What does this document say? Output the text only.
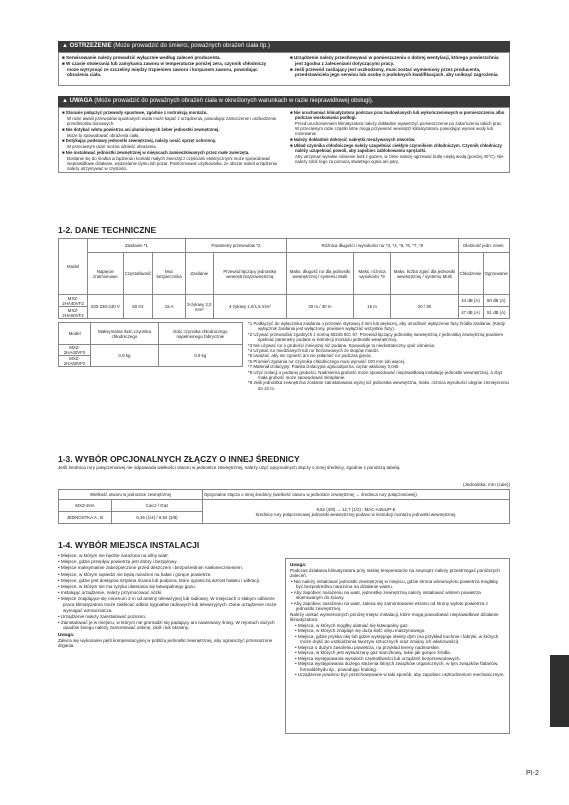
▲ OSTRZEŻENIE (Może prowadzić do śmierci, poważnych obrażeń ciała itp.)

■ Serwisowanie należy prowadzić wyłącznie według zaleceń producenta.

■ W czasie otwierania lub zamykania zaworu w temperaturze poniżej zera, czynnik chłodniczy może wytrysnąć ze szczeliny między trzpieniem zaworu i korpusem zaworu, powodując obrażenia ciała.

■ Urządzenie należy przechowywać w pomieszczeniu o dobrej wentylacji, którego powierzchnia jest zgodna z zaleceniami dotyczącymi pracy.

■ Jeśli przewód zasilający jest uszkodzony, musi zostać wymieniony przez producenta, przedstawiciela jego serwisu lub osobę o podobnych kwalifikacjach, aby uniknąć zagrożenia.

▲ UWAGA (Może prowadzić do poważnych obrażeń ciała w określonych warunkach w razie nieprawidłowej obsługi).

■ Staranie połączyć przewody spustowe, zgodnie z instrukcją montażu.

W razie awarii przewodów spustowych woda może kapać z urządzenia, powodując zamoczenie i uszkodzenie przedmiotów domowych.

■ Nie dotykać wlotu powietrza ani aluminiowych żeber jednostki zewnętrznej.

Może to spowodować obrażenia ciała.

■ Dotykając podstawy jednostki zewnętrznej, należy nosić sprzęt ochronny.

W przeciwnym razie można odnieść obrażenia.

■ Nie instalować jednostki zewnętrznej w miejscach zamieszkiwanych przez małe zwierzęta.

Dostanie się do środka urządzenia i kontakt małych zwierząt z częściami elektrycznymi może spowodować nieprawidłowe działanie, wydzielanie dymu lub pożar. Poinformować użytkownika, że obszar wokół urządzenia należy utrzymywać w czystości.

■ Nie uruchamiać klimatyzatora podczas prac budowlanych lub wykończeniowych w pomieszczeniu albo podczas woskowania podłogi.

Przed uruchomieniem klimatyzatora należy dokładnie wywietrzyć pomieszczenie po zakończeniu takich prac. W przeciwnym razie cząstki lotne mogą przywierać wewnątrz klimatyzatora, powodując wyciek wody lub rozerwanie.

■ Należy dokładnie dokręcić nakrętki nieużywanych otworów.

■ Układ czynnika chłodniczego należy uzupełniać ciekłym czynnikiem chłodniczym. Czynnik chłodniczy należy uzupełniać powoli, aby zapobiec zablokowaniu sprężarki.

Aby utrzymać wysokie ciśnienie butli z gazem, w zimie należy ogrzewać butlę ciepłą wodą (poniżej 40°C). Nie należy robić tego za pomocą otwartego ognia ani pary.

1-2. DANE TECHNICZNE
Model	Zasilanie *1			Parametry przewodów *2		Różnica długości i wysokości rur *3, *4, *5, *6, *7, *8			Głośność jedn. zewn.	
	Napięcie znamionowe	Częstotliwość	Moc bezpiecznika	Zasilanie	Przewód łączący jednostkę wewnętrzną/zewnętrzną	Maks. długość rur dla jednostki wewnętrznej / systemu Multi	Maks. różnica wysokości *9	Maks. liczba zgięć dla jednostki wewnętrznej / systemu Multi	Chłodzenie	Ogrzewanie
MXZ-2HA40VF2	220-230-240 V	50 Hz	15 A	3-żyłowy 2,0 mm²	4-żyłowy 1,0/1,5 mm²	20 m / 30 m	15 m	20 / 30	44 dB (A)	50 dB (A)
MXZ-2HA50VF2									47 dB (A)	51 dB (A)
Model	Maksymalna ilość czynnika chłodniczego	Ilość czynnika chłodniczego napełnionego fabrycznie
MXZ-2HA40VF2	0,9 kg	0,9 kg
MXZ-2HA50VF2		

*1 Podłączyć do wyłącznika zasilania o przerwie stykowej 3 mm lub większej, aby umożliwić wyłączenie fazy źródła zasilania. (Kiedy wyłącznik zasilania jest wyłączony, powinien wyłączać wszystkie fazy).

*2 Używać przewodów zgodnych z normą 60245 IEC 57. Przewód łączący jednostkę wewnętrzną z jednostką zewnętrzną powinien spełniać parametry podane w instrukcji montażu jednostki wewnętrznej.

*3 Nie używać rur o grubości mniejszej niż podana. Spowoduje to niedostateczny opór ciśnienia.

*4 Używać rur miedzianych lub rur bezszwowych ze stopów miedzi.

*5 Uważać, aby nie zgnieść ani nie połamać rur podczas gięcia.

*6 Promień zginania rur czynnika chłodniczego musi wynosić 100 mm lub więcej.

*7 Materiał izolacyjny: Pianka izolacyjna ognioodporna, ciężar właściwy 0,045

*8 Użyć izolacji o podanej grubości. Nadmierna grubość może spowodować nieprawidłową instalację jednostki wewnętrznej, a zbyt mała grubość może spowodować skraplanie.

*9 Jeśli jednostka zewnętrzna zostanie zainstalowana wyżej niż jednostka wewnętrzna, maks. różnica wysokości ulegnie zmniejszeniu do 10 m.

1-3. WYBÓR OPCJONALNYCH ZŁĄCZY O INNEJ ŚREDNICY
Jeśli średnica rury połączeniowej nie odpowiada wielkości otworu w jednostce zewnętrznej, należy użyć opcjonalnych złączy o innej średnicy, zgodnie z poniższą tabelą.
(Jednostka: mm (cale))
Wielkość otworu w jednostce zewnętrznej		Opcjonalne złącza o innej średnicy (wielkość otworu w jednostce zewnętrznej → średnica rury połączeniowej)
MXZ-2HA	Ciecz / Gaz	9,52 (3/8) → 12,7 (1/2) : MAC-A454JP-E
Średnicę rury połączeniowej jednostki wewnętrznej podano w instrukcji montażu jednostki wewnętrznej.

JEDNOSTKA A , B	6,35 (1/4) / 9,52 (3/8)	
1-4. WYBÓR MIEJSCA INSTALACJI

• Miejsce, w którym nie będzie narażona na silny wiatr.

• Miejsce, gdzie przepływ powietrza jest dobry i bezpyłowy.

• Miejsce maksymalnie zabezpieczone przed deszczem i bezpośrednim nasłonecznieniem.

• Miejsce, w którym sąsiedzi nie będą narażeni na hałas i gorące powietrze.

• Miejsce, gdzie jest dostępna sztywna ściana lub podpora, które ograniczą wzrost hałasu i wibracji.

• Miejsce, w którym nie ma ryzyka ulatniania się łatwopalnego gazu.

• Instalując urządzenie, należy przymocować nóżki.

• Miejsce znajdujące się minimum 3 m od anteny telewizyjnej lub radiowej. W miejscach o słabym odbiorze praca klimatyzatora może zakłócać odbiór sygnałów radiowych lub telewizyjnych. Dane urządzenie może wymagać wzmacniacza.

• Urządzenie należy zainstalować poziomo.

• Zainstalować je w miejscu, w którym nie gromadzi się padający ani nawiewany śnieg. W rejonach dużych opadów śniegu należy zamontować osłonę, okół i luk okrasny.

Uwaga:

Zaleca się wykonanie pętli kompensacyjnej w pobliżu jednostki zewnętrznej, aby ograniczyć przenoszone drgania.

Uwaga:

Podczas działania klimatyzatora przy niskiej temperaturze na zewnątrz należy przestrzegać poniższych zaleceń.

• Nie należy instalować jednostki zewnętrznej w miejscu, gdzie strona wlotu/wylotu powietrza mogłaby być bezpośrednio narażona na działanie wiatru.

• Aby zapobiec narażeniu na wiatr, jednostkę zewnętrzną należy instalować wlotem powietrza skierowanym do ściany.

• Aby zapobiec narażeniu na wiatr, zaleca się zamontowanie ekranu od strony wylotu powietrza z jednostki zewnętrznej.

Należy unikać wymienionych poniżej miejsc instalacji, które mogą powodować nieprawidłowe działanie klimatyzatora.

• Miejsca, w których mogłby ulatniać się łatwopalny gaz.

• Miejsca, w których znajduje się duża ilość oleju maszynowego.

• Miejsca, gdzie pryska olej lub gdzie występuje oleisty dym (na przykład kuchnie i fabryki, w których może dojść do uszkodzenia tworzyw sztucznych oraz zmiany ich właściwości).

• Miejsca o dużym zasoleniu powietrza, na przykład tereny nadmorskie.

• Miejsca, w których jest wytwarzany gaz siarczkowy, takie jak gorące źródła.

• Miejsca występowania wysokich częstotliwości lub urządzeń bezprzewodowych.

• Miejsca występowania dużego stężenia lotnych związków organicznych, w tym związków ftalanów, formaldehydu itp., powodując kraking.

• Urządzenie powinno być przechowywane w taki sposób, aby zapobiec uszkodzeniom mechanicznym.

PI-2
